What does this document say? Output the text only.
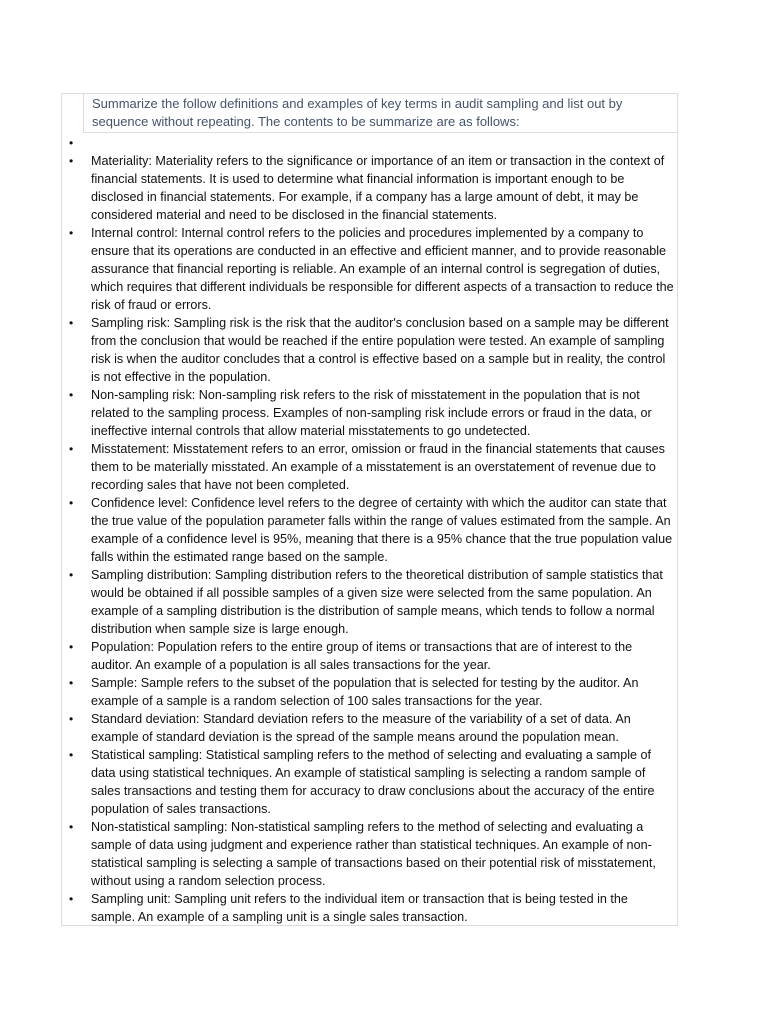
Summarize the follow definitions and examples of key terms in audit sampling and list out by sequence without repeating. The contents to be summarize are as follows:
•
• Materiality: Materiality refers to the significance or importance of an item or transaction in the context of financial statements. It is used to determine what financial information is important enough to be disclosed in financial statements. For example, if a company has a large amount of debt, it may be considered material and need to be disclosed in the financial statements.
• Internal control: Internal control refers to the policies and procedures implemented by a company to ensure that its operations are conducted in an effective and efficient manner, and to provide reasonable assurance that financial reporting is reliable. An example of an internal control is segregation of duties, which requires that different individuals be responsible for different aspects of a transaction to reduce the risk of fraud or errors.
• Sampling risk: Sampling risk is the risk that the auditor's conclusion based on a sample may be different from the conclusion that would be reached if the entire population were tested. An example of sampling risk is when the auditor concludes that a control is effective based on a sample but in reality, the control is not effective in the population.
• Non-sampling risk: Non-sampling risk refers to the risk of misstatement in the population that is not related to the sampling process. Examples of non-sampling risk include errors or fraud in the data, or ineffective internal controls that allow material misstatements to go undetected.
• Misstatement: Misstatement refers to an error, omission or fraud in the financial statements that causes them to be materially misstated. An example of a misstatement is an overstatement of revenue due to recording sales that have not been completed.
• Confidence level: Confidence level refers to the degree of certainty with which the auditor can state that the true value of the population parameter falls within the range of values estimated from the sample. An example of a confidence level is 95%, meaning that there is a 95% chance that the true population value falls within the estimated range based on the sample.
• Sampling distribution: Sampling distribution refers to the theoretical distribution of sample statistics that would be obtained if all possible samples of a given size were selected from the same population. An example of a sampling distribution is the distribution of sample means, which tends to follow a normal distribution when sample size is large enough.
• Population: Population refers to the entire group of items or transactions that are of interest to the auditor. An example of a population is all sales transactions for the year.
• Sample: Sample refers to the subset of the population that is selected for testing by the auditor. An example of a sample is a random selection of 100 sales transactions for the year.
• Standard deviation: Standard deviation refers to the measure of the variability of a set of data. An example of standard deviation is the spread of the sample means around the population mean.
• Statistical sampling: Statistical sampling refers to the method of selecting and evaluating a sample of data using statistical techniques. An example of statistical sampling is selecting a random sample of sales transactions and testing them for accuracy to draw conclusions about the accuracy of the entire population of sales transactions.
• Non-statistical sampling: Non-statistical sampling refers to the method of selecting and evaluating a sample of data using judgment and experience rather than statistical techniques. An example of non-statistical sampling is selecting a sample of transactions based on their potential risk of misstatement, without using a random selection process.
• Sampling unit: Sampling unit refers to the individual item or transaction that is being tested in the sample. An example of a sampling unit is a single sales transaction.
